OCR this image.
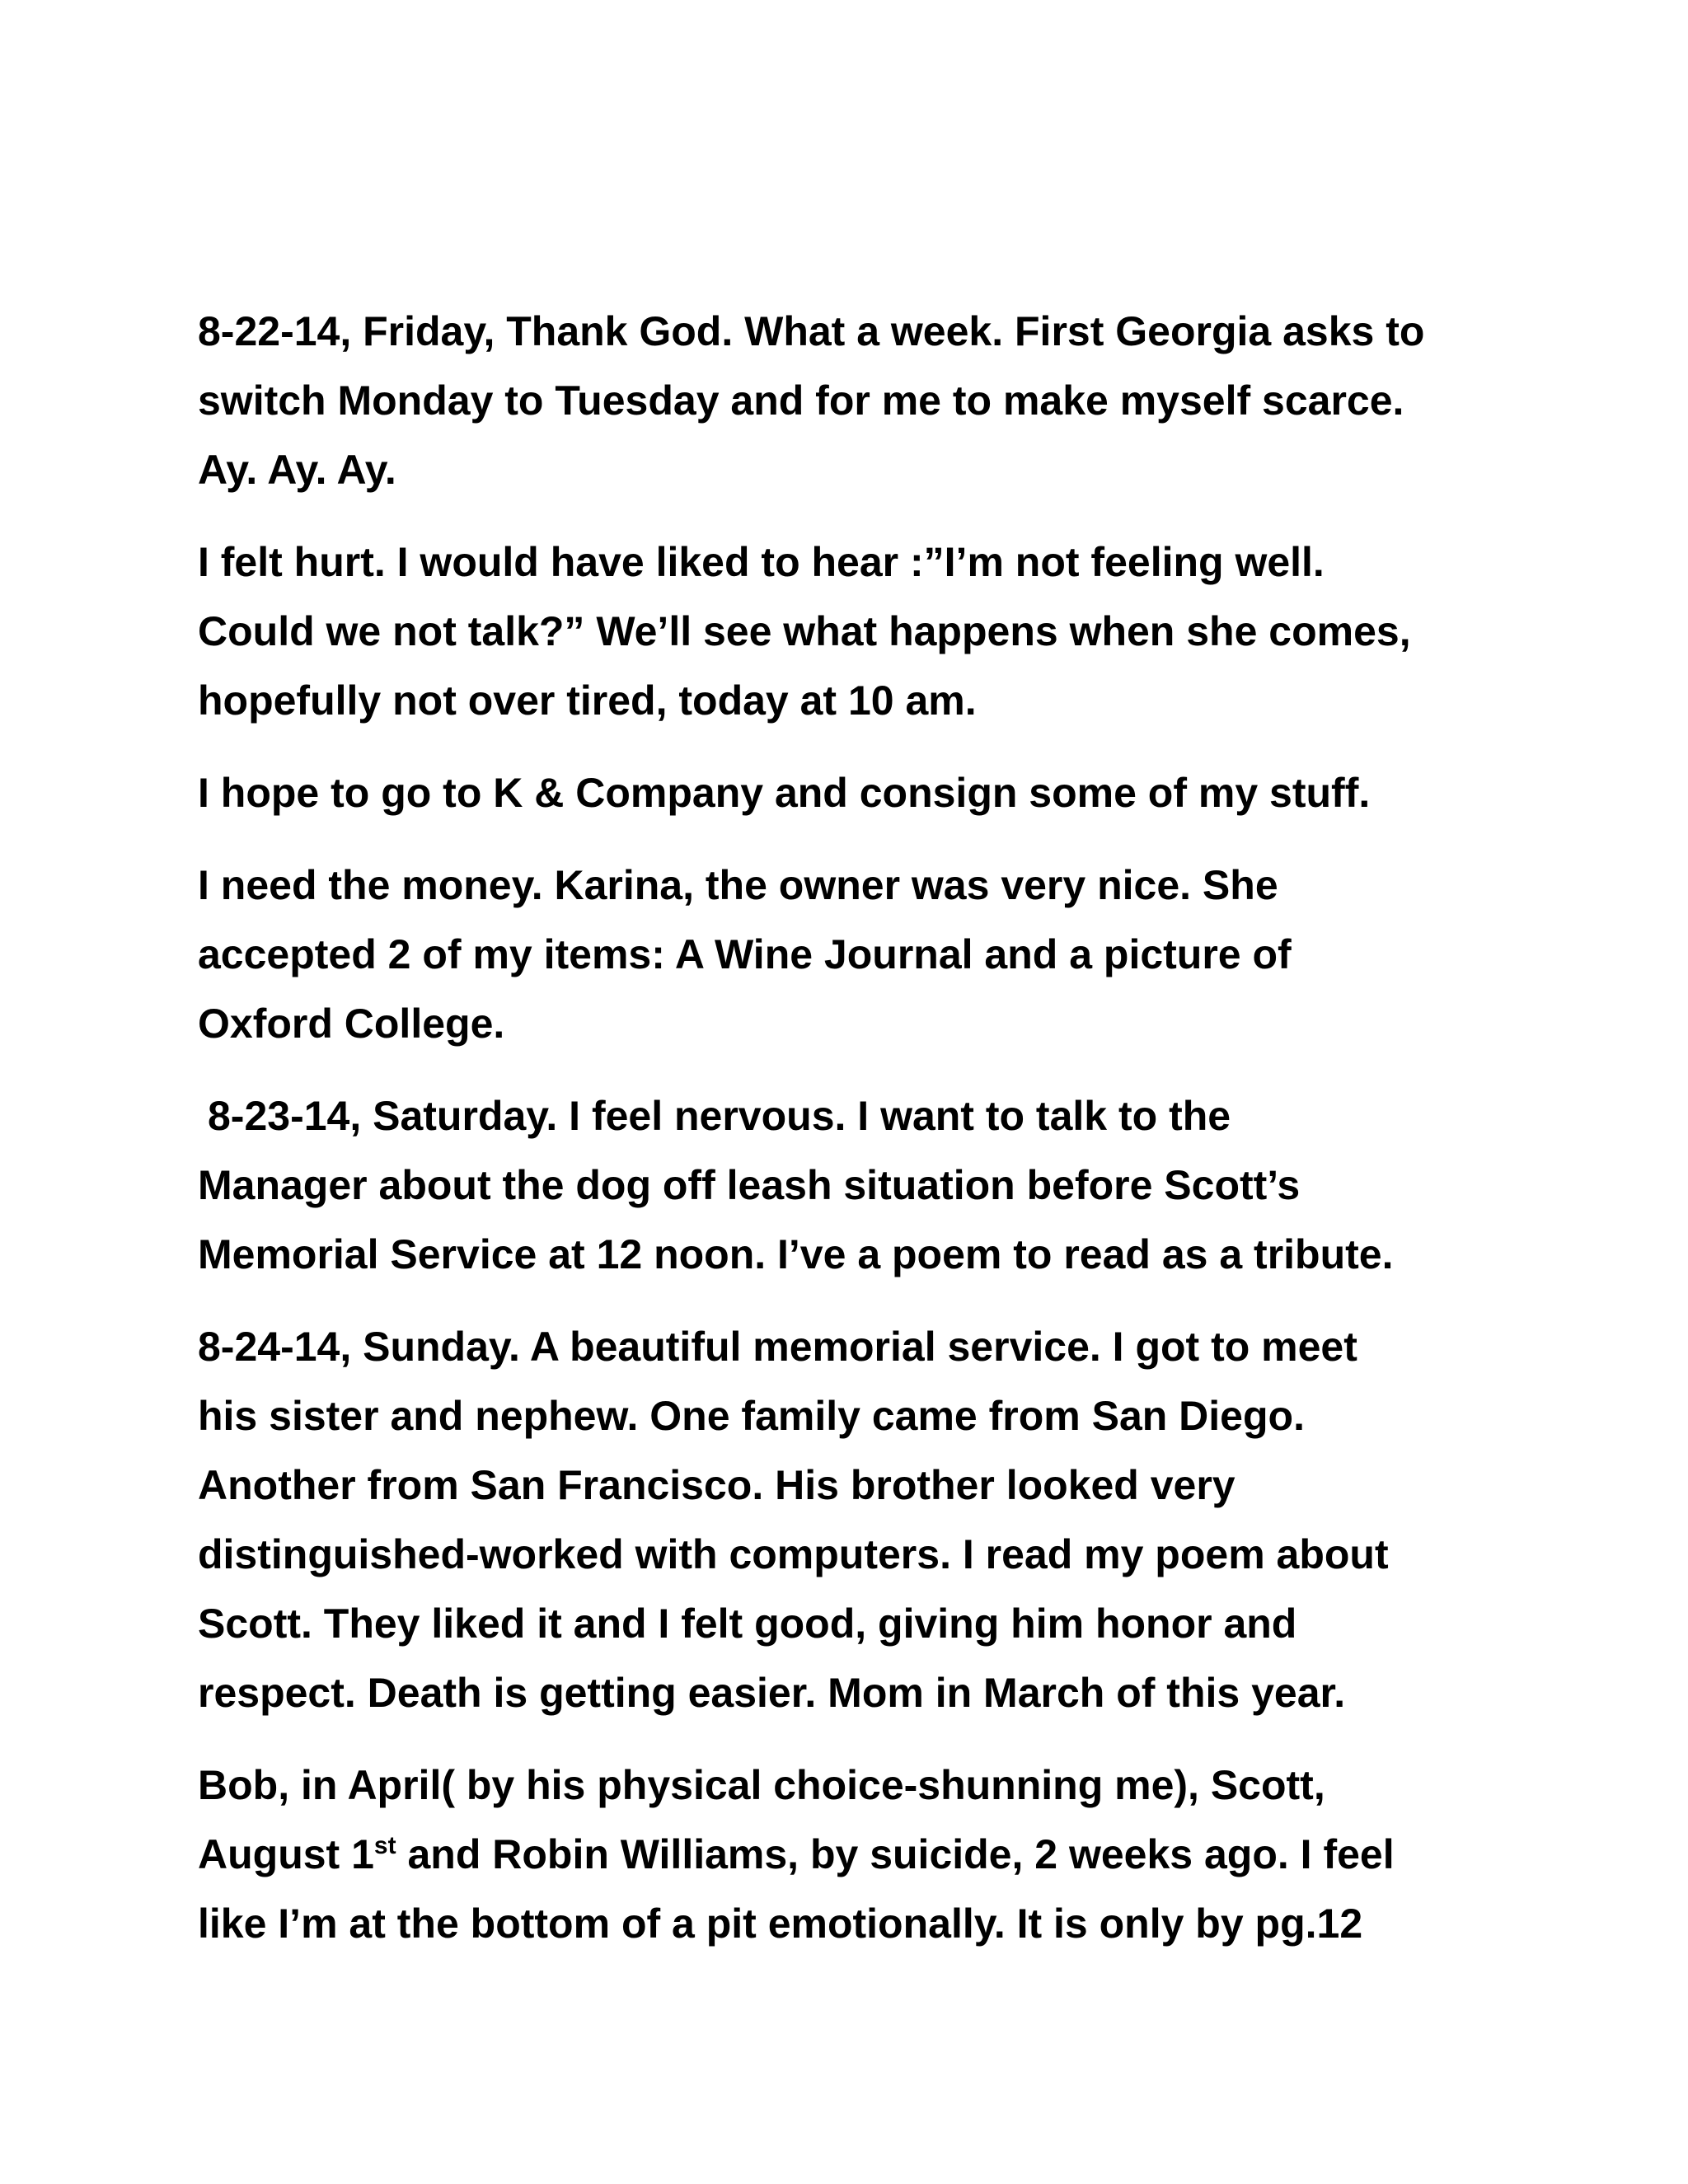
8-22-14, Friday, Thank God. What a week. First Georgia asks to
switch Monday to Tuesday and for me to make myself scarce.
Ay. Ay. Ay.

I felt hurt. I would have liked to hear :”I’m not feeling well.
Could we not talk?” We’ll see what happens when she comes,
hopefully not over tired, today at 10 am.

I hope to go to K & Company and consign some of my stuff.

I need the money. Karina, the owner was very nice. She
accepted 2 of my items: A Wine Journal and a picture of
Oxford College.

8-23-14, Saturday. I feel nervous. I want to talk to the
Manager about the dog off leash situation before Scott’s
Memorial Service at 12 noon. I’ve a poem to read as a tribute.

8-24-14, Sunday. A beautiful memorial service. I got to meet
his sister and nephew. One family came from San Diego.
Another from San Francisco. His brother looked very
distinguished-worked with computers. I read my poem about
Scott. They liked it and I felt good, giving him honor and
respect. Death is getting easier. Mom in March of this year.

Bob, in April( by his physical choice-shunning me), Scott,
August 1st and Robin Williams, by suicide, 2 weeks ago. I feel
like I’m at the bottom of a pit emotionally. It is only by pg.12
